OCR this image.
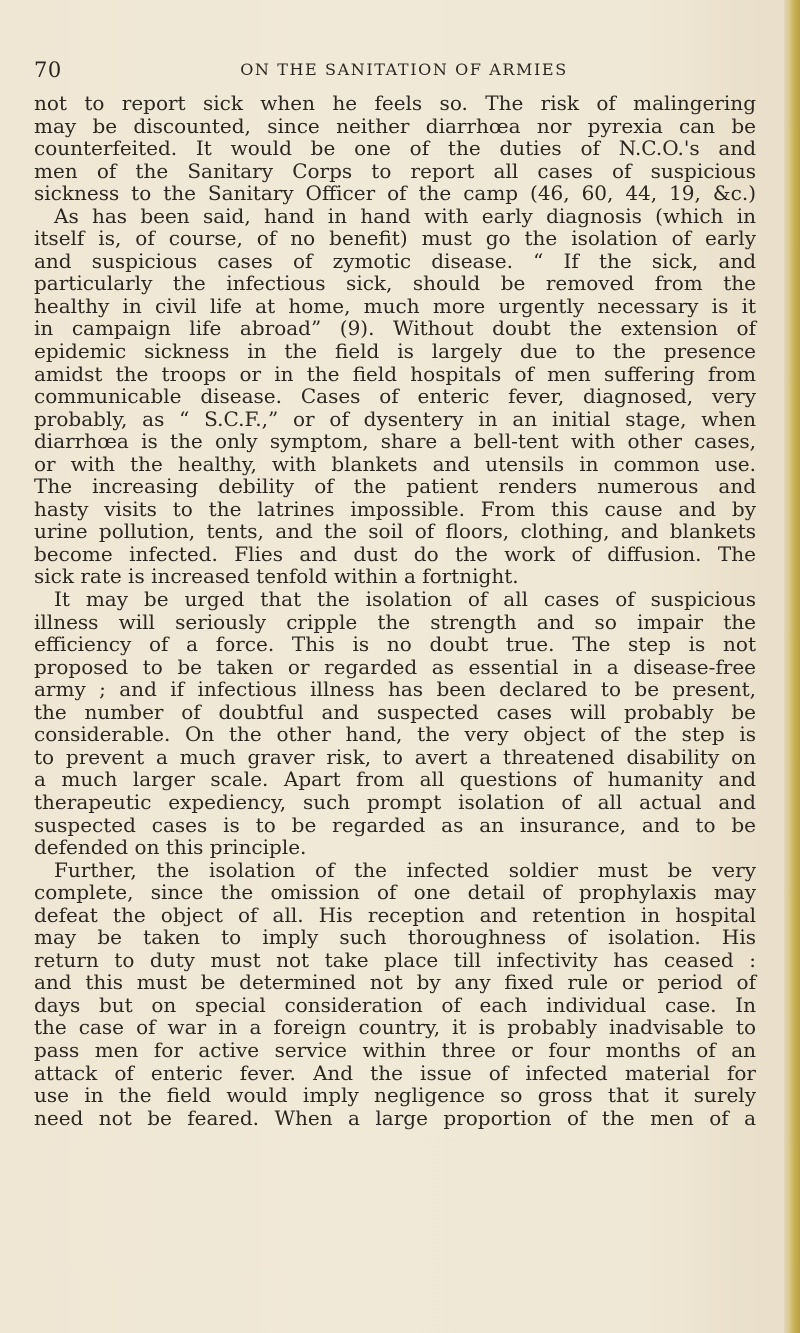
70	ON THE SANITATION OF ARMIES
not to report sick when he feels so. The risk of malingering
may be discounted, since neither diarrhœa nor pyrexia can be
counterfeited. It would be one of the duties of N.C.O.'s and
men of the Sanitary Corps to report all cases of suspicious
sickness to the Sanitary Officer of the camp (46, 60, 44, 19, &c.)
As has been said, hand in hand with early diagnosis (which in
itself is, of course, of no benefit) must go the isolation of early
and suspicious cases of zymotic disease. “ If the sick, and
particularly the infectious sick, should be removed from the
healthy in civil life at home, much more urgently necessary is it
in campaign life abroad” (9). Without doubt the extension of
epidemic sickness in the field is largely due to the presence
amidst the troops or in the field hospitals of men suffering from
communicable disease. Cases of enteric fever, diagnosed, very
probably, as “ S.C.F.,” or of dysentery in an initial stage, when
diarrhœa is the only symptom, share a bell-tent with other cases,
or with the healthy, with blankets and utensils in common use.
The increasing debility of the patient renders numerous and
hasty visits to the latrines impossible. From this cause and by
urine pollution, tents, and the soil of floors, clothing, and blankets
become infected. Flies and dust do the work of diffusion. The
sick rate is increased tenfold within a fortnight.
It may be urged that the isolation of all cases of suspicious
illness will seriously cripple the strength and so impair the
efficiency of a force. This is no doubt true. The step is not
proposed to be taken or regarded as essential in a disease-free
army ; and if infectious illness has been declared to be present,
the number of doubtful and suspected cases will probably be
considerable. On the other hand, the very object of the step is
to prevent a much graver risk, to avert a threatened disability on
a much larger scale. Apart from all questions of humanity and
therapeutic expediency, such prompt isolation of all actual and
suspected cases is to be regarded as an insurance, and to be
defended on this principle.
Further, the isolation of the infected soldier must be very
complete, since the omission of one detail of prophylaxis may
defeat the object of all. His reception and retention in hospital
may be taken to imply such thoroughness of isolation. His
return to duty must not take place till infectivity has ceased :
and this must be determined not by any fixed rule or period of
days but on special consideration of each individual case. In
the case of war in a foreign country, it is probably inadvisable to
pass men for active service within three or four months of an
attack of enteric fever. And the issue of infected material for
use in the field would imply negligence so gross that it surely
need not be feared. When a large proportion of the men of a
